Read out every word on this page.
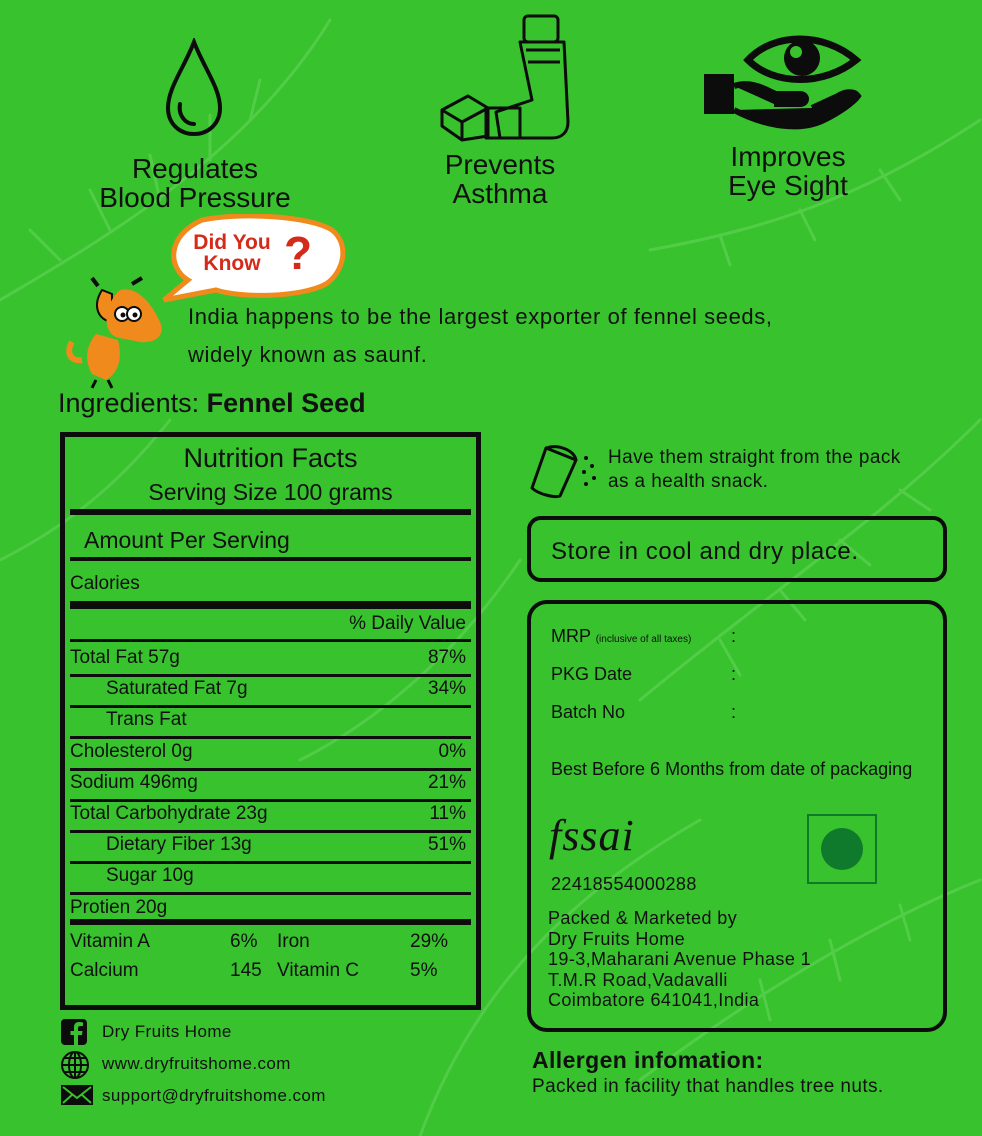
Regulates
Blood Pressure
Prevents
Asthma
Improves
Eye Sight
Did You
Know ?
India happens to be the largest exporter of fennel seeds,
widely known as saunf.
Ingredients: Fennel Seed
Nutrition Facts
Serving Size 100 grams
Amount Per Serving
Calories
% Daily Value
Total Fat 57g	87%
Saturated Fat 7g	34%
Trans Fat
Cholesterol 0g	0%
Sodium 496mg	21%
Total Carbohydrate 23g	11%
Dietary Fiber 13g	51%
Sugar 10g
Protien 20g
Vitamin A	6% Iron	29%
Calcium	145 Vitamin C	5%
Have them straight from the pack
as a health snack.
Store in cool and dry place.
MRP (inclusive of all taxes) :
PKG Date	:
Batch No	:
Best Before 6 Months from date of packaging
fssai
22418554000288
Packed & Marketed by
Dry Fruits Home
19-3,Maharani Avenue Phase 1
T.M.R Road,Vadavalli
Coimbatore 641041,India
Allergen infomation:
Packed in facility that handles tree nuts.
Dry Fruits Home
www.dryfruitshome.com
support@dryfruitshome.com
